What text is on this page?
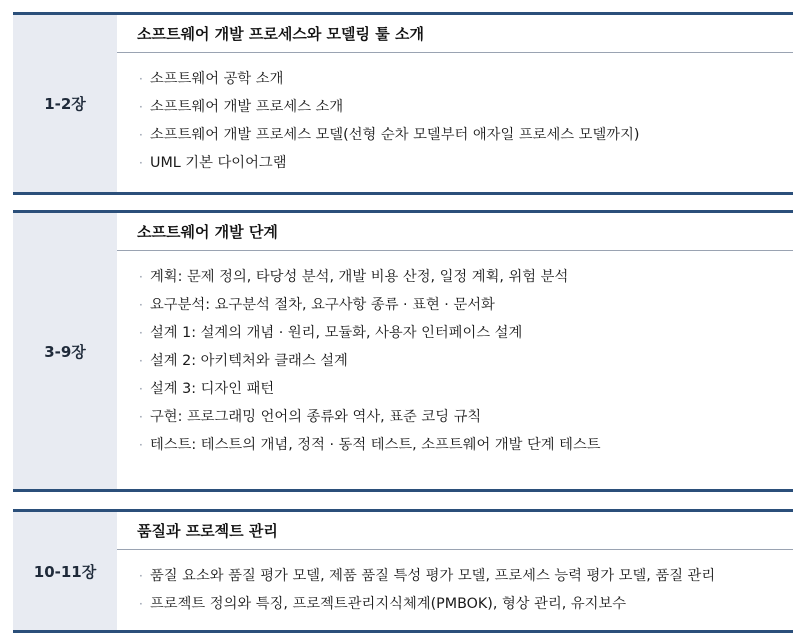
1-2장
소프트웨어 개발 프로세스와 모델링 툴 소개
· 소프트웨어 공학 소개
· 소프트웨어 개발 프로세스 소개
· 소프트웨어 개발 프로세스 모델(선형 순차 모델부터 애자일 프로세스 모델까지)
· UML 기본 다이어그램
3-9장
소프트웨어 개발 단계
· 계획: 문제 정의, 타당성 분석, 개발 비용 산정, 일정 계획, 위험 분석
· 요구분석: 요구분석 절차, 요구사항 종류 · 표현 · 문서화
· 설계 1: 설계의 개념 · 원리, 모듈화, 사용자 인터페이스 설계
· 설계 2: 아키텍처와 클래스 설계
· 설계 3: 디자인 패턴
· 구현: 프로그래밍 언어의 종류와 역사, 표준 코딩 규칙
· 테스트: 테스트의 개념, 정적 · 동적 테스트, 소프트웨어 개발 단계 테스트
10-11장
품질과 프로젝트 관리
· 품질 요소와 품질 평가 모델, 제품 품질 특성 평가 모델, 프로세스 능력 평가 모델, 품질 관리
· 프로젝트 정의와 특징, 프로젝트관리지식체계(PMBOK), 형상 관리, 유지보수
